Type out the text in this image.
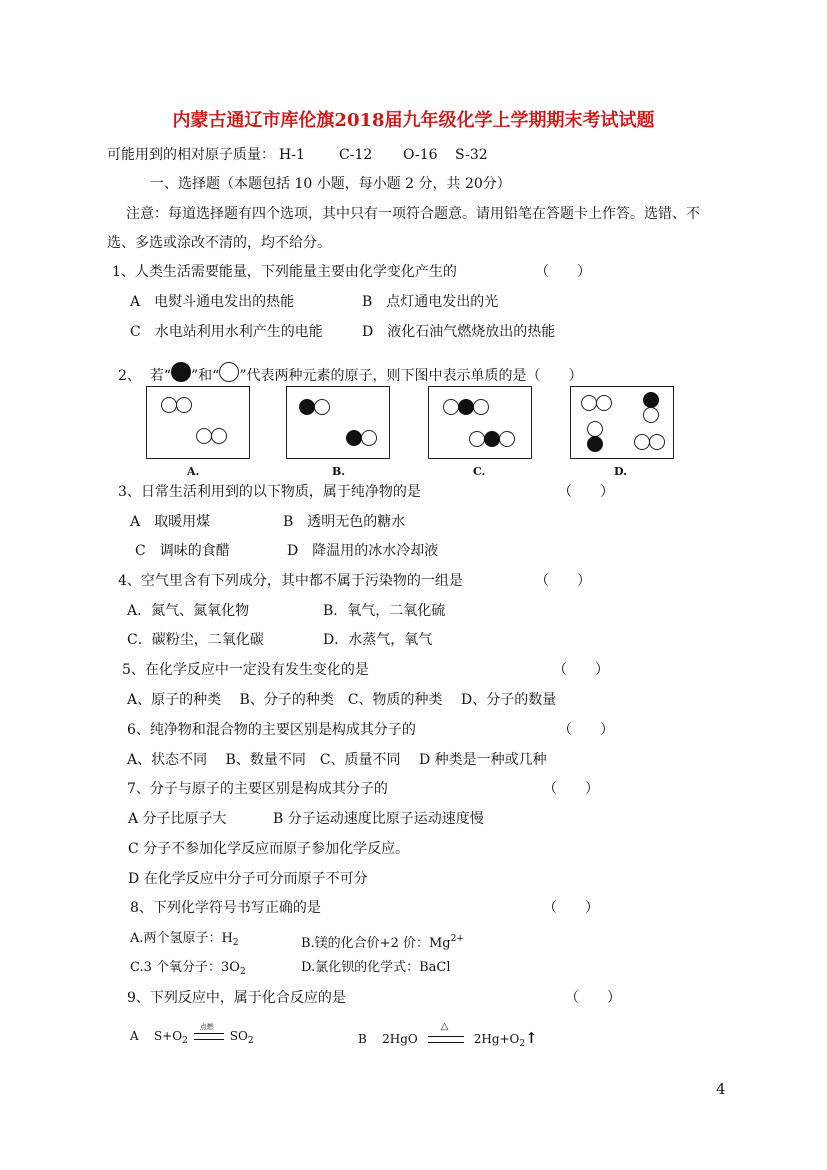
内蒙古通辽市库伦旗2018届九年级化学上学期期末考试试题
可能用到的相对原子质量： H-1 C-12 O-16 S-32
一、选择题（本题包括 10 小题，每小题 2 分，共 20分）
注意：每道选择题有四个选项，其中只有一项符合题意。请用铅笔在答题卡上作答。选错、不
选、多选或涂改不清的，均不给分。
1、人类生活需要能量，下列能量主要由化学变化产生的	（　　）
A　电熨斗通电发出的热能	B　点灯通电发出的光
C　水电站利用水利产生的电能	D　液化石油气燃烧放出的热能
2、 若“ ”和“ ”代表两种元素的原子，则下图中表示单质的是（　　）
A.	B.	C.	D.
3、日常生活利用到的以下物质，属于纯净物的是	（　　）
A　取暖用煤	B　透明无色的糖水
C　调味的食醋	D　降温用的冰水冷却液
4、空气里含有下列成分，其中都不属于污染物的一组是	（　　）
A．氮气、氮氧化物	B．氧气，二氧化硫
C．碳粉尘，二氧化碳	D．水蒸气，氧气
5、在化学反应中一定没有发生变化的是	（　　）
A、原子的种类　 B、分子的种类　C、物质的种类　 D、分子的数量
6、纯净物和混合物的主要区别是构成其分子的	（　　）
A、状态不同　 B、数量不同　C、质量不同　 D 种类是一种或几种
7、分子与原子的主要区别是构成其分子的	（　　）
A 分子比原子大　　　 B 分子运动速度比原子运动速度慢
C 分子不参加化学反应而原子参加化学反应。
D 在化学反应中分子可分而原子不可分
8、下列化学符号书写正确的是	（　　）
A.两个氢原子：$H_2$	B.镁的化合价+2 价：$Mg^{2+}$
C.3 个氧分子：$3O_2$	D.氯化钡的化学式：BaCl
9、下列反应中，属于化合反应的是	（　　）
A $S+O_2$
点燃
$SO_2$	B 2HgO
△
$2Hg+O_2↑$
4
